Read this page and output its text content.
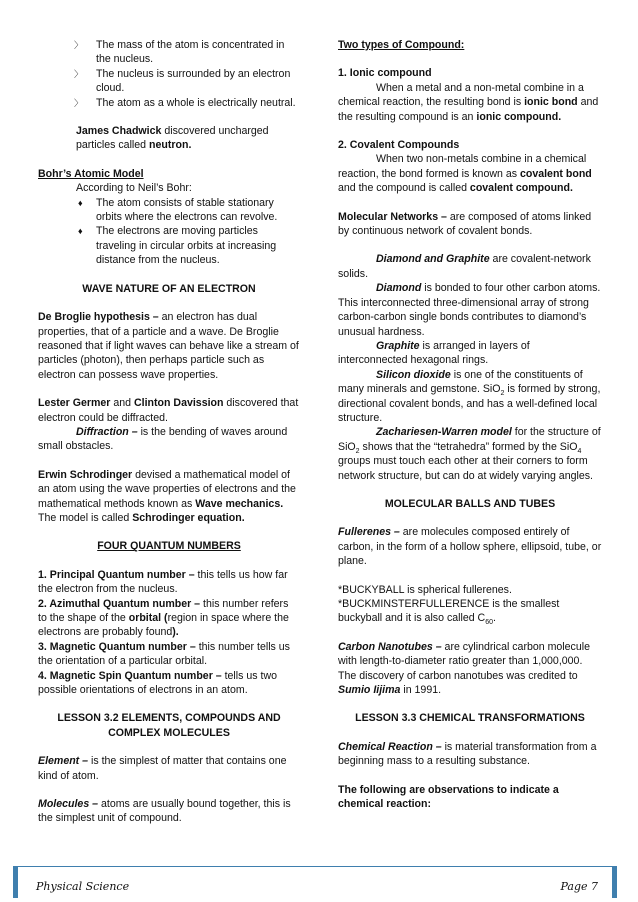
〉 The mass of the atom is concentrated in the nucleus.
〉 The nucleus is surrounded by an electron cloud.
〉 The atom as a whole is electrically neutral.

James Chadwick discovered uncharged particles called neutron.

Bohr’s Atomic Model

According to Neil’s Bohr:

♦ The atom consists of stable stationary orbits where the electrons can revolve.
♦ The electrons are moving particles traveling in circular orbits at increasing distance from the nucleus.

WAVE NATURE OF AN ELECTRON

De Broglie hypothesis – an electron has dual properties, that of a particle and a wave. De Broglie reasoned that if light waves can behave like a stream of particles (photon), then perhaps particle such as electron can possess wave properties.

Lester Germer and Clinton Davission discovered that electron could be diffracted.

Diffraction – is the bending of waves around small obstacles.

Erwin Schrodinger devised a mathematical model of an atom using the wave properties of electrons and the mathematical methods known as Wave mechanics. The model is called Schrodinger equation.

FOUR QUANTUM NUMBERS

1. Principal Quantum number – this tells us how far the electron from the nucleus.

2. Azimuthal Quantum number – this number refers to the shape of the orbital (region in space where the electrons are probably found).

3. Magnetic Quantum number – this number tells us the orientation of a particular orbital.

4. Magnetic Spin Quantum number – tells us two possible orientations of electrons in an atom.

LESSON 3.2 ELEMENTS, COMPOUNDS AND COMPLEX MOLECULES

Element – is the simplest of matter that contains one kind of atom.

Molecules – atoms are usually bound together, this is the simplest unit of compound.

Two types of Compound:

1. Ionic compound

When a metal and a non-metal combine in a chemical reaction, the resulting bond is ionic bond and the resulting compound is an ionic compound.

2. Covalent Compounds

When two non-metals combine in a chemical reaction, the bond formed is known as covalent bond and the compound is called covalent compound.

Molecular Networks – are composed of atoms linked by continuous network of covalent bonds.

Diamond and Graphite are covalent-network solids.

Diamond is bonded to four other carbon atoms. This interconnected three-dimensional array of strong carbon-carbon single bonds contributes to diamond’s unusual hardness.

Graphite is arranged in layers of interconnected hexagonal rings.

Silicon dioxide is one of the constituents of many minerals and gemstone. SiO$_2$ is formed by strong, directional covalent bonds, and has a well-defined local structure.

Zachariesen-Warren model for the structure of SiO$_2$ shows that the “tetrahedra” formed by the SiO$_4$ groups must touch each other at their corners to form network structure, but can do at widely varying angles.

MOLECULAR BALLS AND TUBES

Fullerenes – are molecules composed entirely of carbon, in the form of a hollow sphere, ellipsoid, tube, or plane.

*BUCKYBALL is spherical fullerenes.

*BUCKMINSTERFULLERENCE is the smallest buckyball and it is also called $C_{60}$.

Carbon Nanotubes – are cylindrical carbon molecule with length-to-diameter ratio greater than 1,000,000. The discovery of carbon nanotubes was credited to Sumio Iijima in 1991.

LESSON 3.3 CHEMICAL TRANSFORMATIONS

Chemical Reaction – is material transformation from a beginning mass to a resulting substance.

The following are observations to indicate a chemical reaction:

Physical Science	Page 7
